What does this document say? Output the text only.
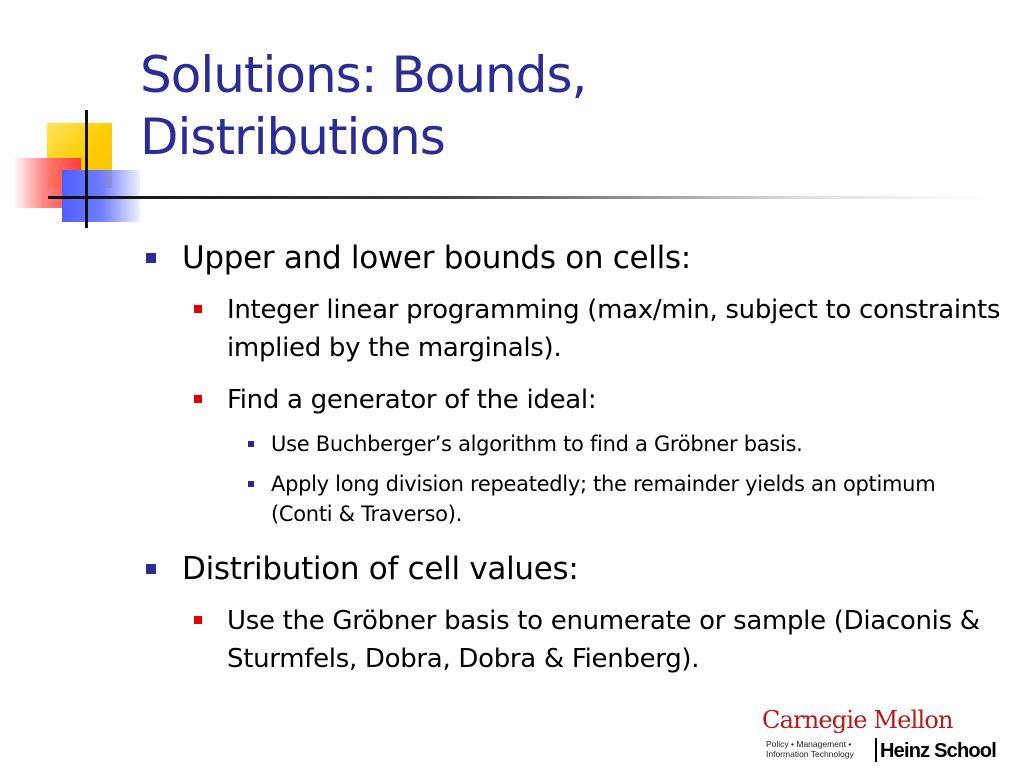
Solutions: Bounds,
Distributions
Upper and lower bounds on cells:
Integer linear programming (max/min, subject to constraints implied by the marginals).
Find a generator of the ideal:
Use Buchberger’s algorithm to find a Gröbner basis.
Apply long division repeatedly; the remainder yields an optimum (Conti & Traverso).
Distribution of cell values:
Use the Gröbner basis to enumerate or sample (Diaconis & Sturmfels, Dobra, Dobra & Fienberg).
Carnegie Mellon
Policy • Management •
Information Technology	Heinz School
